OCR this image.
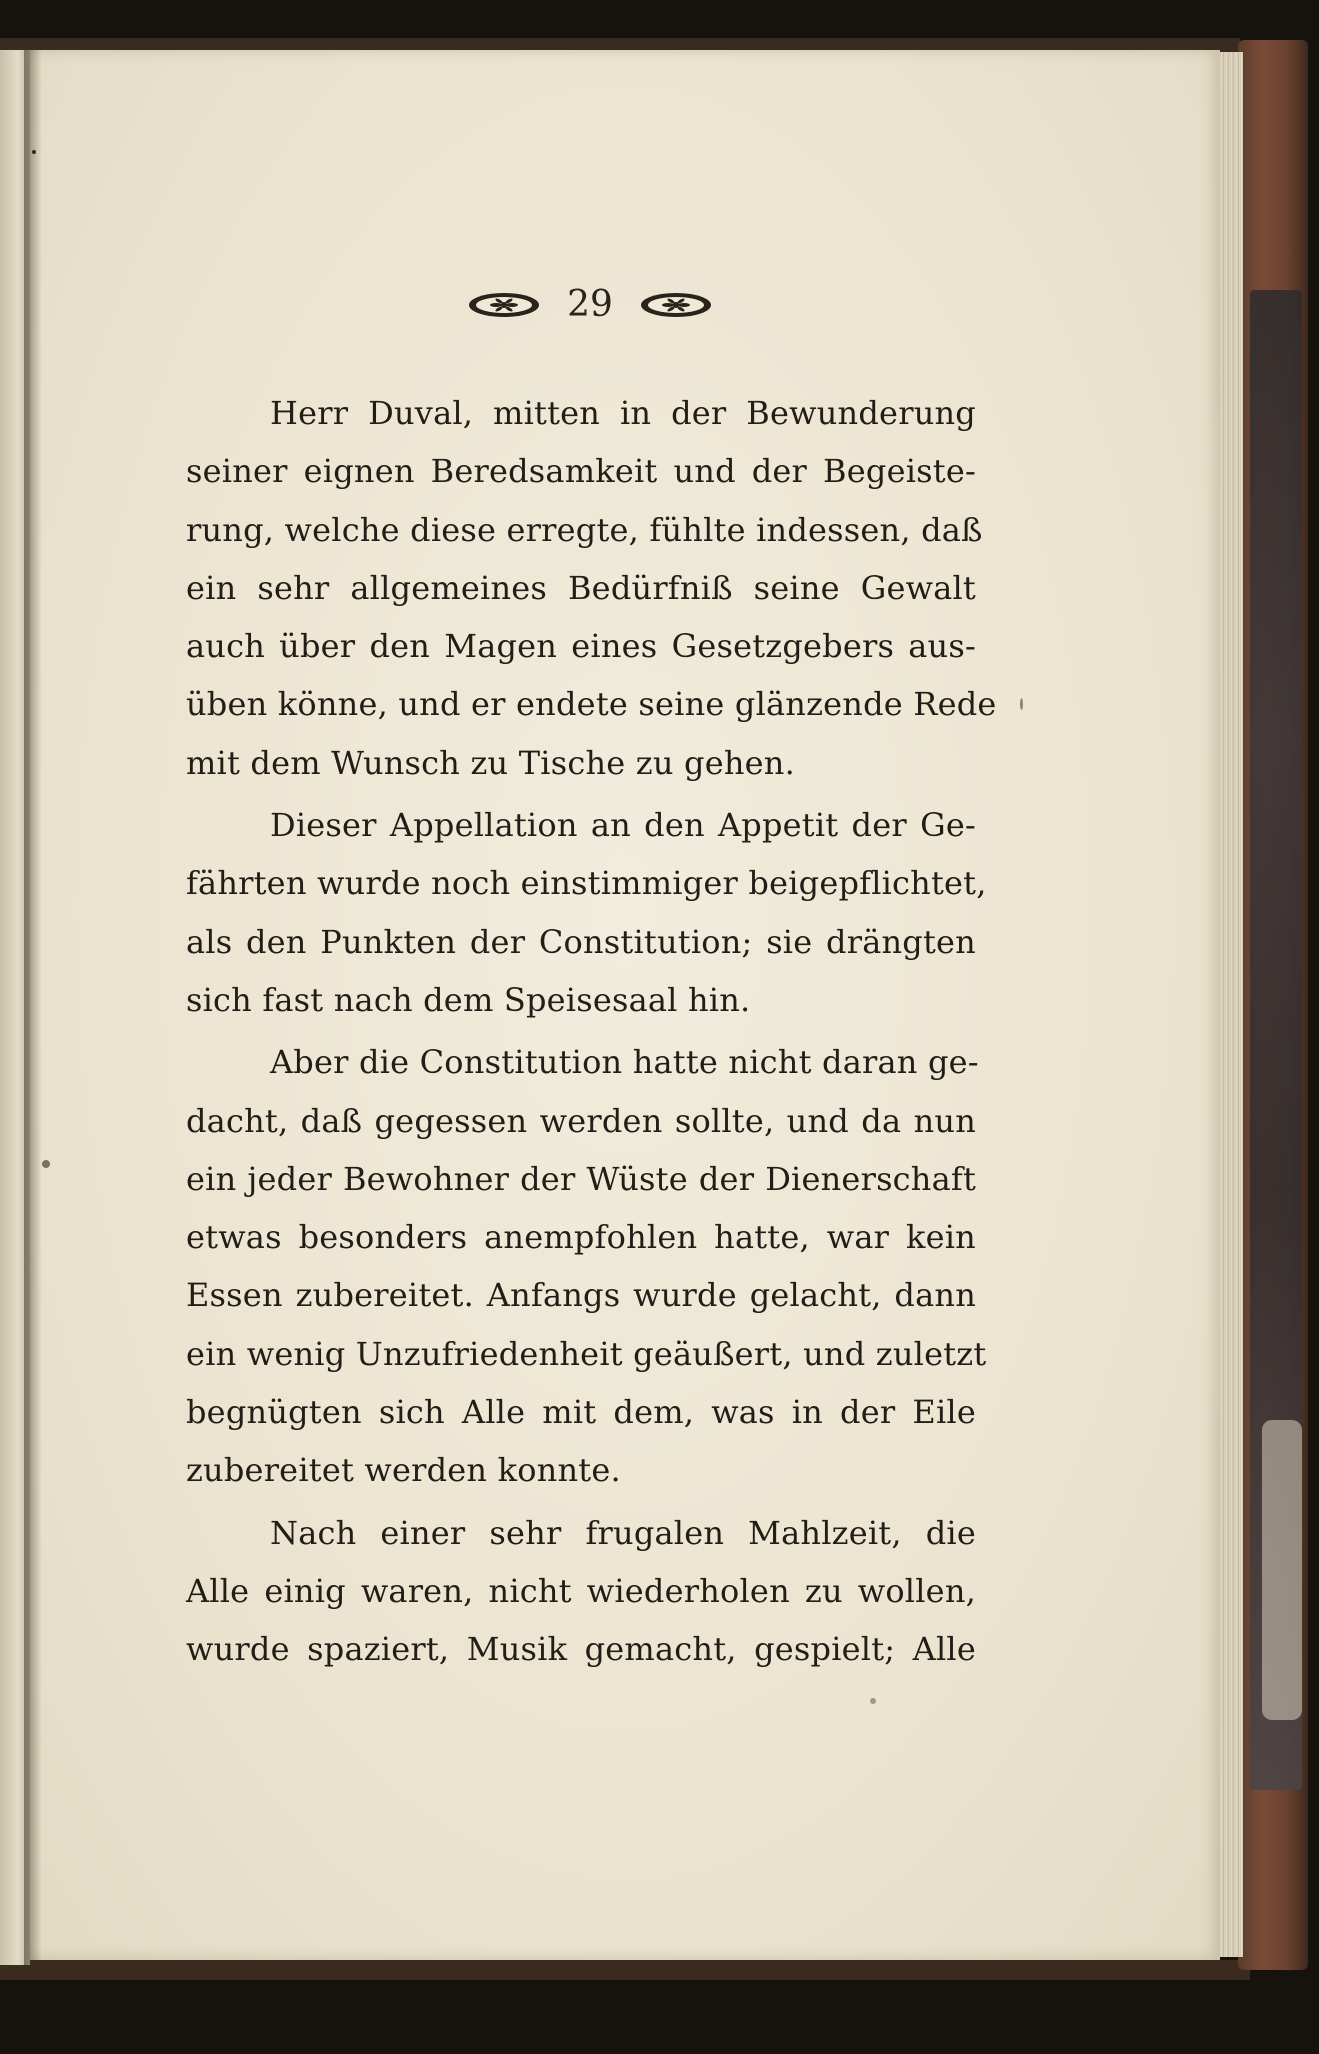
29
Herr Duval, mitten in der Bewunderung
seiner eignen Beredsamkeit und der Begeiste-
rung, welche diese erregte, fühlte indessen, daß
ein sehr allgemeines Bedürfniß seine Gewalt
auch über den Magen eines Gesetzgebers aus-
üben könne, und er endete seine glänzende Rede
mit dem Wunsch zu Tische zu gehen.
Dieser Appellation an den Appetit der Ge-
fährten wurde noch einstimmiger beigepflichtet,
als den Punkten der Constitution; sie drängten
sich fast nach dem Speisesaal hin.
Aber die Constitution hatte nicht daran ge-
dacht, daß gegessen werden sollte, und da nun
ein jeder Bewohner der Wüste der Dienerschaft
etwas besonders anempfohlen hatte, war kein
Essen zubereitet. Anfangs wurde gelacht, dann
ein wenig Unzufriedenheit geäußert, und zuletzt
begnügten sich Alle mit dem, was in der Eile
zubereitet werden konnte.
Nach einer sehr frugalen Mahlzeit, die
Alle einig waren, nicht wiederholen zu wollen,
wurde spaziert, Musik gemacht, gespielt; Alle
